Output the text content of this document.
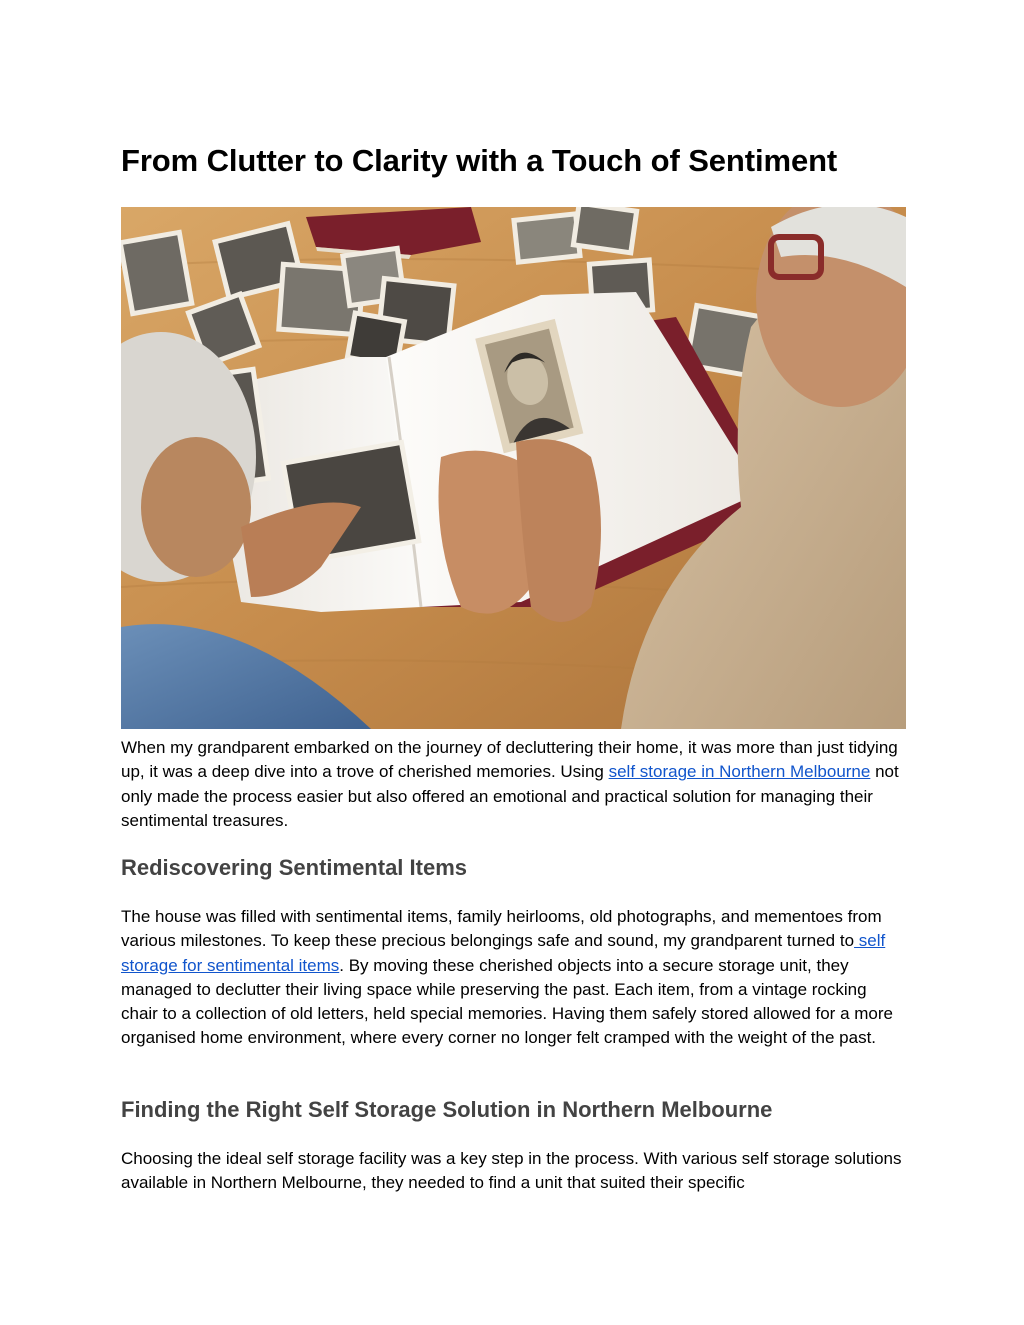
From Clutter to Clarity with a Touch of Sentiment

When my grandparent embarked on the journey of decluttering their home, it was more than just tidying up, it was a deep dive into a trove of cherished memories. Using self storage in Northern Melbourne not only made the process easier but also offered an emotional and practical solution for managing their sentimental treasures.

Rediscovering Sentimental Items

The house was filled with sentimental items, family heirlooms, old photographs, and mementoes from various milestones. To keep these precious belongings safe and sound, my grandparent turned to self storage for sentimental items. By moving these cherished objects into a secure storage unit, they managed to declutter their living space while preserving the past. Each item, from a vintage rocking chair to a collection of old letters, held special memories. Having them safely stored allowed for a more organised home environment, where every corner no longer felt cramped with the weight of the past.

Finding the Right Self Storage Solution in Northern Melbourne

Choosing the ideal self storage facility was a key step in the process. With various self storage solutions available in Northern Melbourne, they needed to find a unit that suited their specific
